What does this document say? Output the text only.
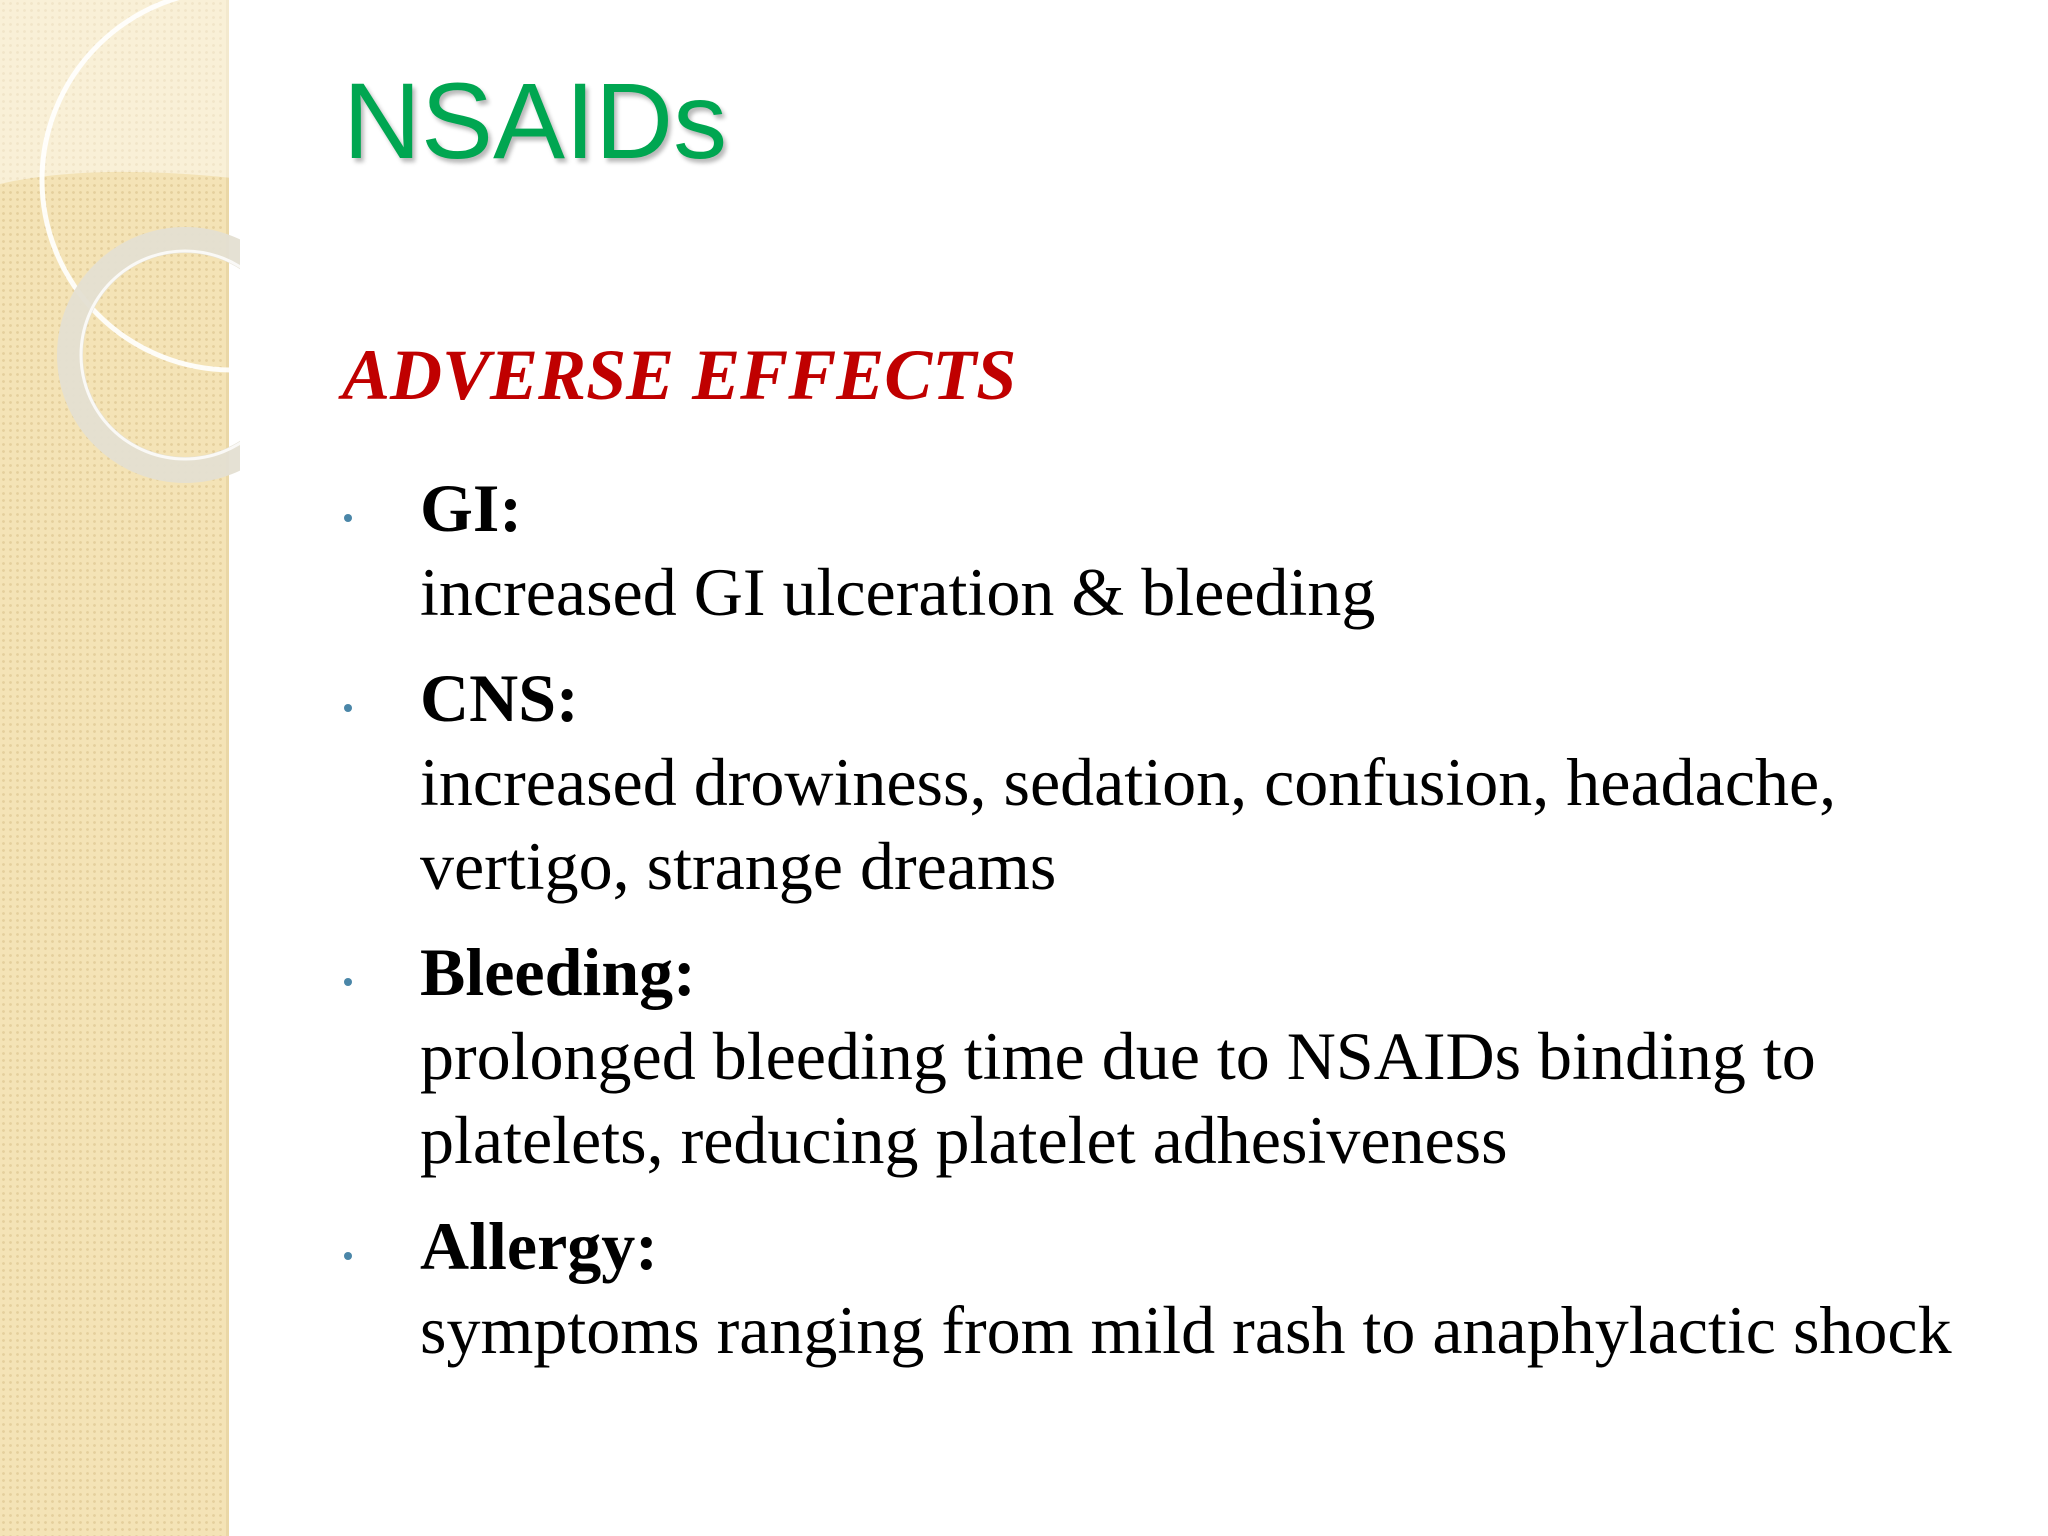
NSAIDs
ADVERSE EFFECTS
GI:
increased GI ulceration & bleeding
CNS:
increased drowiness, sedation, confusion, headache, vertigo, strange dreams
Bleeding:
prolonged bleeding time due to NSAIDs binding to platelets, reducing platelet adhesiveness
Allergy:
symptoms ranging from mild rash to anaphylactic shock
